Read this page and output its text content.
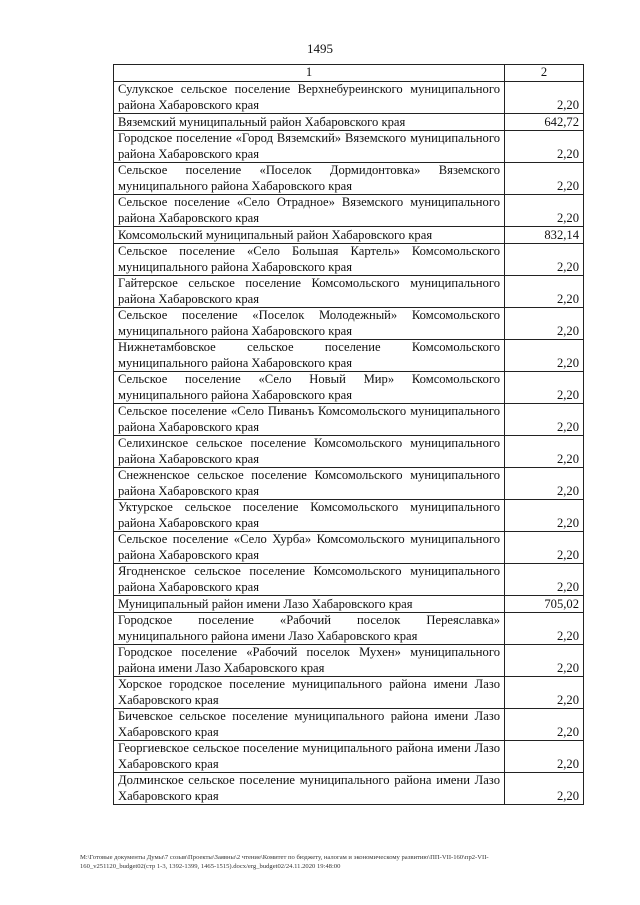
1495
1	2
Сулукское сельское поселение Верхнебуреинского муниципального района Хабаровского края	2,20
Вяземский муниципальный район Хабаровского края	642,72
Городское поселение «Город Вяземский» Вяземского муниципального района Хабаровского края	2,20
Сельское поселение «Поселок Дормидонтовка» Вяземского муниципального района Хабаровского края	2,20
Сельское поселение «Село Отрадное» Вяземского муниципального района Хабаровского края	2,20
Комсомольский муниципальный район Хабаровского края	832,14
Сельское поселение «Село Большая Картель» Комсомольского муниципального района Хабаровского края	2,20
Гайтерское сельское поселение Комсомольского муниципального района Хабаровского края	2,20
Сельское поселение «Поселок Молодежный» Комсомольского муниципального района Хабаровского края	2,20
Нижнетамбовское сельское поселение Комсомольского муниципального района Хабаровского края	2,20
Сельское поселение «Село Новый Мир» Комсомольского муниципального района Хабаровского края	2,20
Сельское поселение «Село Пиваньъ Комсомольского муниципального района Хабаровского края	2,20
Селихинское сельское поселение Комсомольского муниципального района Хабаровского края	2,20
Снежненское сельское поселение Комсомольского муниципального района Хабаровского края	2,20
Уктурское сельское поселение Комсомольского муниципального района Хабаровского края	2,20
Сельское поселение «Село Хурба» Комсомольского муниципального района Хабаровского края	2,20
Ягодненское сельское поселение Комсомольского муниципального района Хабаровского края	2,20
Муниципальный район имени Лазо Хабаровского края	705,02
Городское поселение «Рабочий поселок Переяславка» муниципального района имени Лазо Хабаровского края	2,20
Городское поселение «Рабочий поселок Мухен» муниципального района имени Лазо Хабаровского края	2,20
Хорское городское поселение муниципального района имени Лазо Хабаровского края	2,20
Бичевское сельское поселение муниципального района имени Лазо Хабаровского края	2,20
Георгиевское сельское поселение муниципального района имени Лазо Хабаровского края	2,20
Долминское сельское поселение муниципального района имени Лазо Хабаровского края	2,20
M:\Готовые документы Думы\7 созыв\Проекты\Заявны\2 чтение\Комитет по бюджету, налогам и экономическому развитию\ПП-VII-160\пр2-VII-
160_v251120_budget02(стр 1-3, 1392-1399, 1465-1515).docx/erg_budget02/24.11.2020 19:48:00
